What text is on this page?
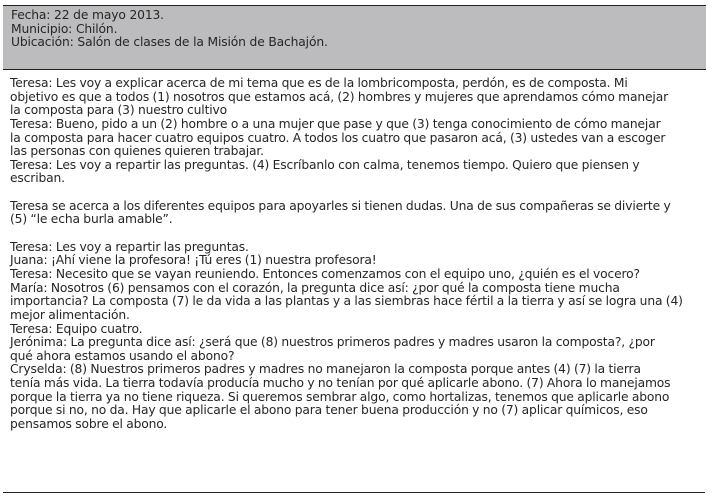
Fecha: 22 de mayo 2013.
Municipio: Chilón.
Ubicación: Salón de clases de la Misión de Bachajón.
Teresa: Les voy a explicar acerca de mi tema que es de la lombricomposta, perdón, es de composta. Mi
objetivo es que a todos (1) nosotros que estamos acá, (2) hombres y mujeres que aprendamos cómo manejar
la composta para (3) nuestro cultivo
Teresa: Bueno, pido a un (2) hombre o a una mujer que pase y que (3) tenga conocimiento de cómo manejar
la composta para hacer cuatro equipos cuatro. A todos los cuatro que pasaron acá, (3) ustedes van a escoger
las personas con quienes quieren trabajar.
Teresa: Les voy a repartir las preguntas. (4) Escríbanlo con calma, tenemos tiempo. Quiero que piensen y
escriban.
Teresa se acerca a los diferentes equipos para apoyarles si tienen dudas. Una de sus compañeras se divierte y
(5) “le echa burla amable”.
Teresa: Les voy a repartir las preguntas.
Juana: ¡Ahí viene la profesora! ¡Tú eres (1) nuestra profesora!
Teresa: Necesito que se vayan reuniendo. Entonces comenzamos con el equipo uno, ¿quién es el vocero?
María: Nosotros (6) pensamos con el corazón, la pregunta dice así: ¿por qué la composta tiene mucha
importancia? La composta (7) le da vida a las plantas y a las siembras hace fértil a la tierra y así se logra una (4)
mejor alimentación.
Teresa: Equipo cuatro.
Jerónima: La pregunta dice así: ¿será que (8) nuestros primeros padres y madres usaron la composta?, ¿por
qué ahora estamos usando el abono?
Cryselda: (8) Nuestros primeros padres y madres no manejaron la composta porque antes (4) (7) la tierra
tenía más vida. La tierra todavía producía mucho y no tenían por qué aplicarle abono. (7) Ahora lo manejamos
porque la tierra ya no tiene riqueza. Si queremos sembrar algo, como hortalizas, tenemos que aplicarle abono
porque si no, no da. Hay que aplicarle el abono para tener buena producción y no (7) aplicar químicos, eso
pensamos sobre el abono.
